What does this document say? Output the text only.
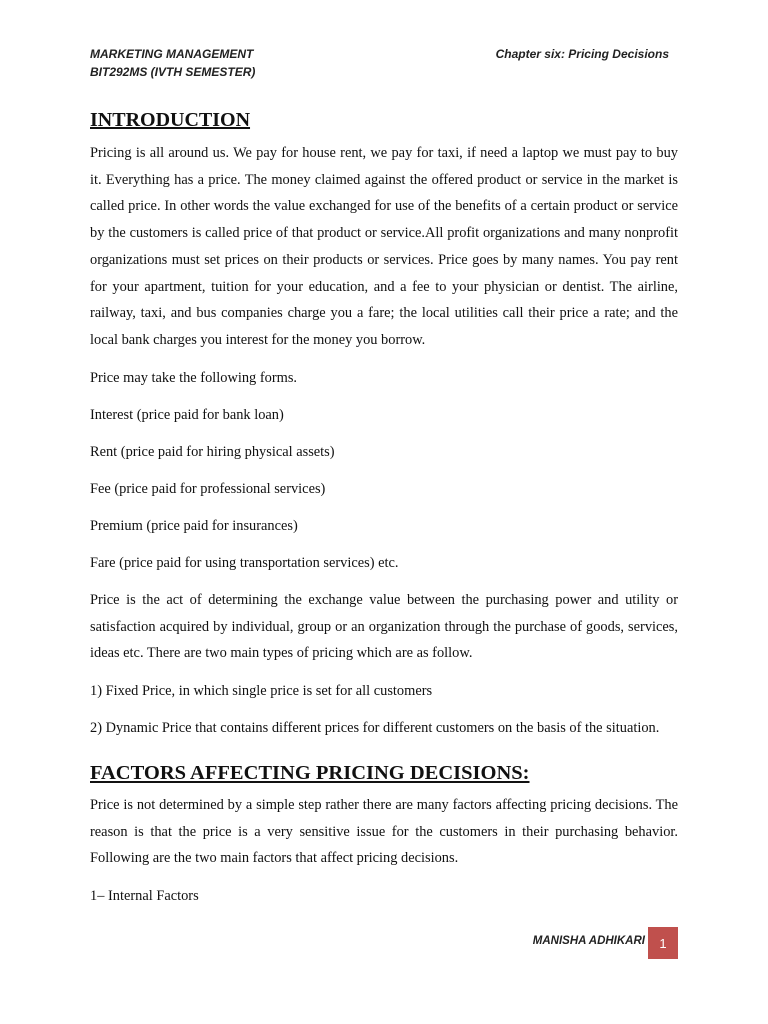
MARKETING MANAGEMENT
BIT292MS (IVTH SEMESTER)
Chapter six: Pricing Decisions
INTRODUCTION

Pricing is all around us. We pay for house rent, we pay for taxi, if need a laptop we must pay to buy it. Everything has a price. The money claimed against the offered product or service in the market is called price. In other words the value exchanged for use of the benefits of a certain product or service by the customers is called price of that product or service.All profit organizations and many nonprofit organizations must set prices on their products or services. Price goes by many names. You pay rent for your apartment, tuition for your education, and a fee to your physician or dentist. The airline, railway, taxi, and bus companies charge you a fare; the local utilities call their price a rate; and the local bank charges you interest for the money you borrow.

Price may take the following forms.

Interest (price paid for bank loan)

Rent (price paid for hiring physical assets)

Fee (price paid for professional services)

Premium (price paid for insurances)

Fare (price paid for using transportation services) etc.

Price is the act of determining the exchange value between the purchasing power and utility or satisfaction acquired by individual, group or an organization through the purchase of goods, services, ideas etc. There are two main types of pricing which are as follow.

1) Fixed Price, in which single price is set for all customers

2) Dynamic Price that contains different prices for different customers on the basis of the situation.

FACTORS AFFECTING PRICING DECISIONS:

Price is not determined by a simple step rather there are many factors affecting pricing decisions. The reason is that the price is a very sensitive issue for the customers in their purchasing behavior. Following are the two main factors that affect pricing decisions.

1– Internal Factors

MANISHA ADHIKARI	1
